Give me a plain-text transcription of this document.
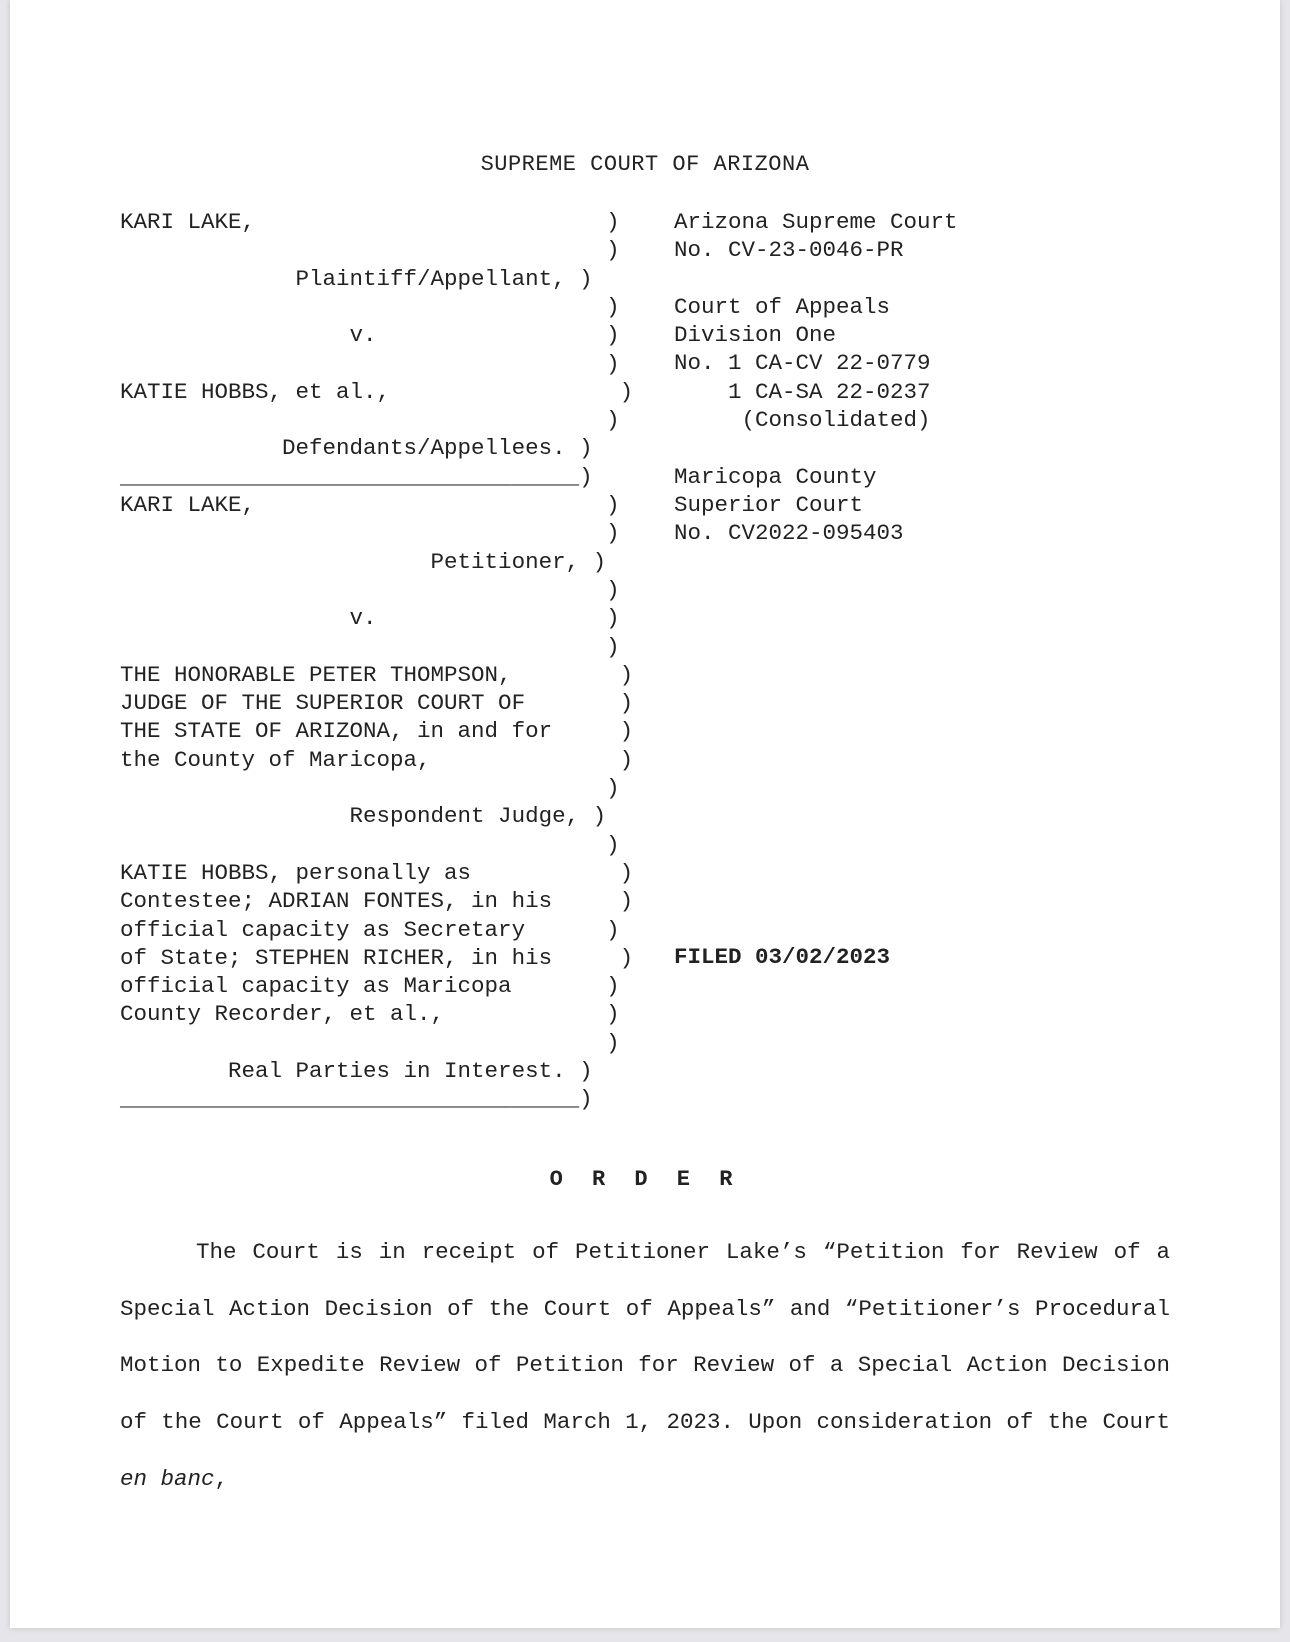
SUPREME COURT OF ARIZONA
KARI LAKE,                          )
)
Plaintiff/Appellant, )
)
v.                 )
)
KATIE HOBBS, et al.,                 )
)
Defendants/Appellees. )
__________________________________)
KARI LAKE,                          )
)
Petitioner, )
)
v.                 )
)
THE HONORABLE PETER THOMPSON,        )
JUDGE OF THE SUPERIOR COURT OF       )
THE STATE OF ARIZONA, in and for     )
the County of Maricopa,              )
)
Respondent Judge, )
)
KATIE HOBBS, personally as           )
Contestee; ADRIAN FONTES, in his     )
official capacity as Secretary      )
of State; STEPHEN RICHER, in his     )
official capacity as Maricopa       )
County Recorder, et al.,            )
)
Real Parties in Interest. )
__________________________________)
Arizona Supreme Court
No. CV-23-0046-PR
Court of Appeals
Division One
No. 1 CA-CV 22-0779
1 CA-SA 22-0237
(Consolidated)
Maricopa County
Superior Court
No. CV2022-095403
FILED 03/02/2023
O R D E R
The Court is in receipt of Petitioner Lake’s “Petition for Review of a Special Action Decision of the Court of Appeals” and “Petitioner’s Procedural Motion to Expedite Review of Petition for Review of a Special Action Decision of the Court of Appeals” filed March 1, 2023. Upon consideration of the Court en banc,
